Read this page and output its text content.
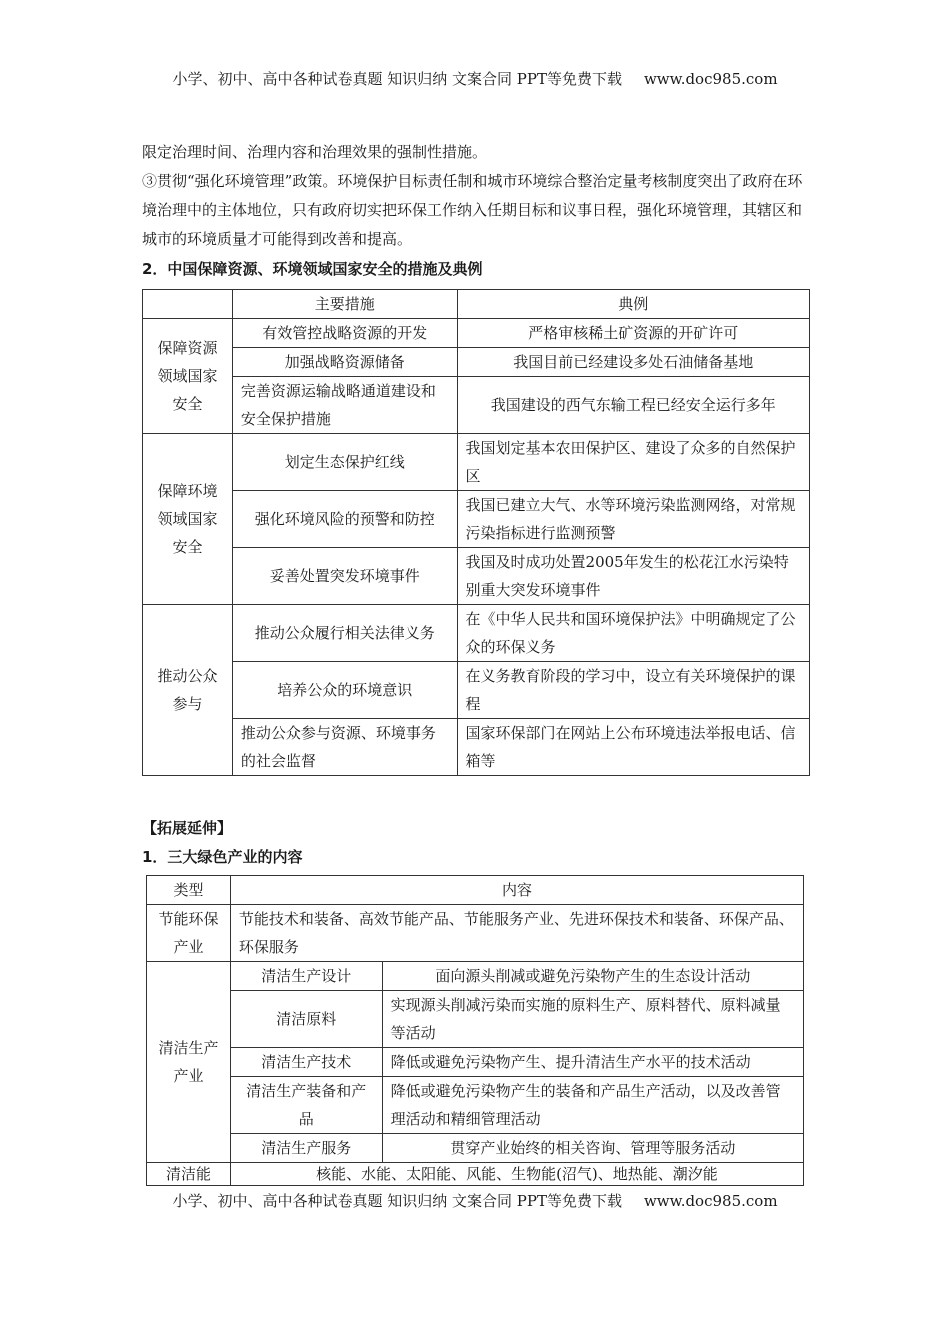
小学、初中、高中各种试卷真题 知识归纳 文案合同 PPT等免费下载 www.doc985.com
限定治理时间、治理内容和治理效果的强制性措施。
③贯彻“强化环境管理”政策。环境保护目标责任制和城市环境综合整治定量考核制度突出了政府在环境治理中的主体地位，只有政府切实把环保工作纳入任期目标和议事日程，强化环境管理，其辖区和城市的环境质量才可能得到改善和提高。
2．中国保障资源、环境领域国家安全的措施及典例
	主要措施	典例
保障资源领域国家安全	有效管控战略资源的开发	严格审核稀土矿资源的开矿许可
	加强战略资源储备	我国目前已经建设多处石油储备基地
	完善资源运输战略通道建设和安全保护措施	我国建设的西气东输工程已经安全运行多年
保障环境领域国家安全	划定生态保护红线	我国划定基本农田保护区、建设了众多的自然保护区
	强化环境风险的预警和防控	我国已建立大气、水等环境污染监测网络，对常规污染指标进行监测预警
	妥善处置突发环境事件	我国及时成功处置2005年发生的松花江水污染特别重大突发环境事件
推动公众参与	推动公众履行相关法律义务	在《中华人民共和国环境保护法》中明确规定了公众的环保义务
	培养公众的环境意识	在义务教育阶段的学习中，设立有关环境保护的课程
	推动公众参与资源、环境事务的社会监督	国家环保部门在网站上公布环境违法举报电话、信箱等
【拓展延伸】
1．三大绿色产业的内容
类型	内容	
节能环保产业	节能技术和装备、高效节能产品、节能服务产业、先进环保技术和装备、环保产品、环保服务	
清洁生产产业	清洁生产设计	面向源头削减或避免污染物产生的生态设计活动
	清洁原料	实现源头削减污染而实施的原料生产、原料替代、原料减量等活动
	清洁生产技术	降低或避免污染物产生、提升清洁生产水平的技术活动
	清洁生产装备和产品	降低或避免污染物产生的装备和产品生产活动，以及改善管理活动和精细管理活动
	清洁生产服务	贯穿产业始终的相关咨询、管理等服务活动
清洁能	核能、水能、太阳能、风能、生物能(沼气)、地热能、潮汐能	
小学、初中、高中各种试卷真题 知识归纳 文案合同 PPT等免费下载 www.doc985.com
